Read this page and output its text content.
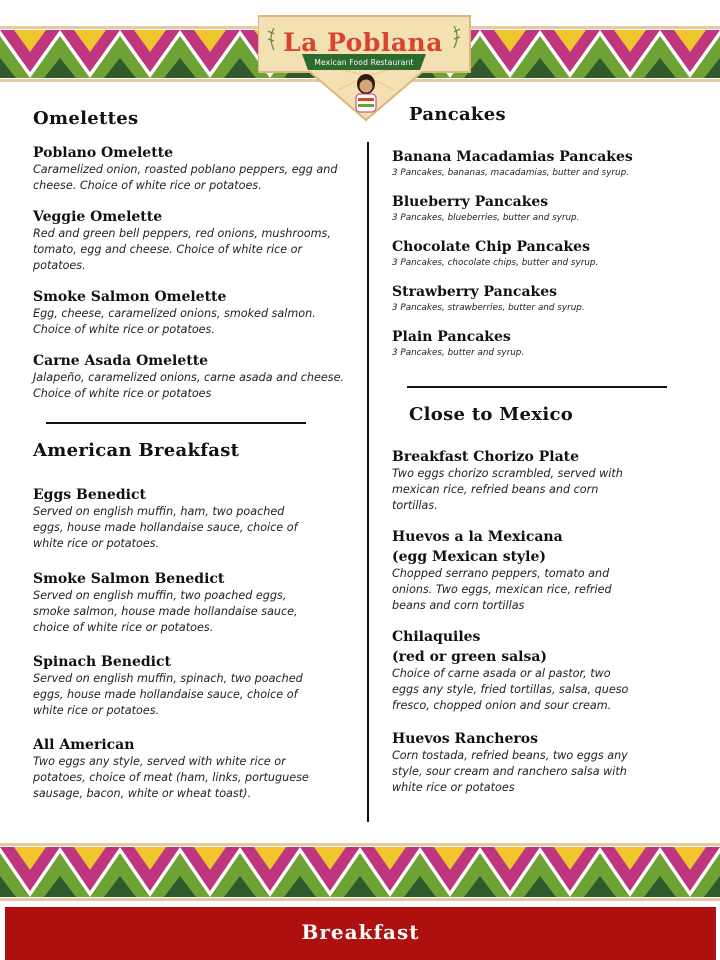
La Poblana
Mexican Food Restaurant
Omelettes
Poblano Omelette
Caramelized onion, roasted poblano peppers, egg and
cheese. Choice of white rice or potatoes.
Veggie Omelette
Red and green bell peppers, red onions, mushrooms,
tomato, egg and cheese. Choice of white rice or
potatoes.
Smoke Salmon Omelette
Egg, cheese, caramelized onions, smoked salmon.
Choice of white rice or potatoes.
Carne Asada Omelette
Jalapeño, caramelized onions, carne asada and cheese.
Choice of white rice or potatoes
American Breakfast
Eggs Benedict
Served on english muffin, ham, two poached
eggs, house made hollandaise sauce, choice of
white rice or potatoes.
Smoke Salmon Benedict
Served on english muffin, two poached eggs,
smoke salmon, house made hollandaise sauce,
choice of white rice or potatoes.
Spinach Benedict
Served on english muffin, spinach, two poached
eggs, house made hollandaise sauce, choice of
white rice or potatoes.
All American
Two eggs any style, served with white rice or
potatoes, choice of meat (ham, links, portuguese
sausage, bacon, white or wheat toast).
Pancakes
Banana Macadamias Pancakes
3 Pancakes, bananas, macadamias, butter and syrup.
Blueberry Pancakes
3 Pancakes, blueberries, butter and syrup.
Chocolate Chip Pancakes
3 Pancakes, chocolate chips, butter and syrup.
Strawberry Pancakes
3 Pancakes, strawberries, butter and syrup.
Plain Pancakes
3 Pancakes, butter and syrup.
Close to Mexico
Breakfast Chorizo Plate
Two eggs chorizo scrambled, served with
mexican rice, refried beans and corn
tortillas.
Huevos a la Mexicana
(egg Mexican style)
Chopped serrano peppers, tomato and
onions. Two eggs, mexican rice, refried
beans and corn tortillas
Chilaquiles
(red or green salsa)
Choice of carne asada or al pastor, two
eggs any style, fried tortillas, salsa, queso
fresco, chopped onion and sour cream.
Huevos Rancheros
Corn tostada, refried beans, two eggs any
style, sour cream and ranchero salsa with
white rice or potatoes
Breakfast
